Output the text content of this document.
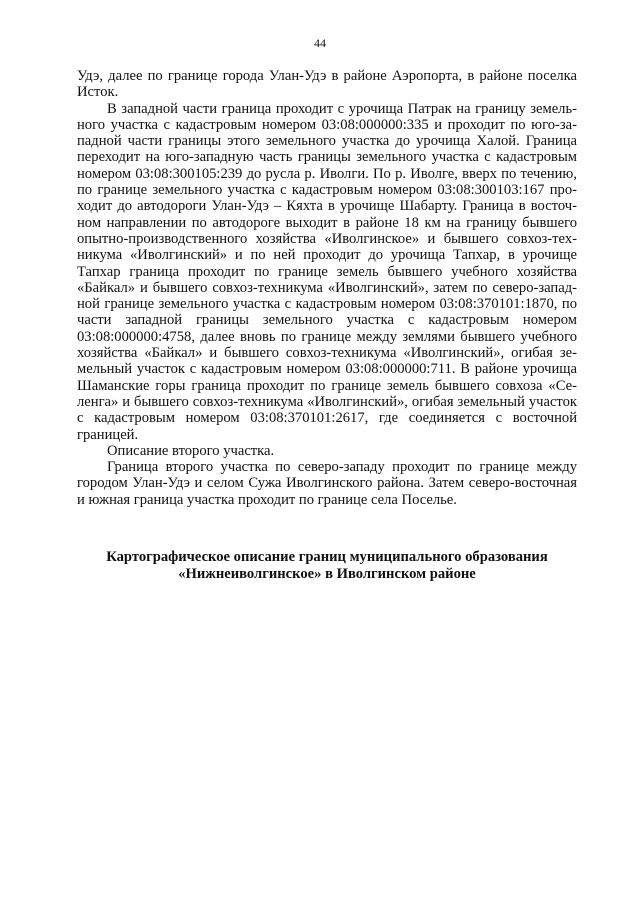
44

Удэ, далее по границе города Улан-Удэ в районе Аэропорта, в районе поселка Исток.

В западной части граница проходит с урочища Патрак на границу земельного участка с кадастровым номером 03:08:000000:335 и проходит по юго-западной части границы этого земельного участка до урочища Халой. Граница переходит на юго-западную часть границы земельного участка с кадастровым номером 03:08:300105:239 до русла р. Иволги. По р. Иволге, вверх по течению, по границе земельного участка с кадастровым номером 03:08:300103:167 проходит до автодороги Улан-Удэ – Кяхта в урочище Шабарту. Граница в восточном направлении по автодороге выходит в районе 18 км на границу бывшего опытно-производственного хозяйства «Иволгинское» и бывшего совхоз-техникума «Иволгинский» и по ней проходит до урочища Тапхар, в урочище Тапхар граница проходит по границе земель бывшего учебного хозяйства «Байкал» и бывшего совхоз-техникума «Иволгинский», затем по северо-западной границе земельного участка с кадастровым номером 03:08:370101:1870, по части западной границы земельного участка с кадастровым номером 03:08:000000:4758, далее вновь по границе между землями бывшего учебного хозяйства «Байкал» и бывшего совхоз-техникума «Иволгинский», огибая земельный участок с кадастровым номером 03:08:000000:711. В районе урочища Шаманские горы граница проходит по границе земель бывшего совхоза «Селенга» и бывшего совхоз-техникума «Иволгинский», огибая земельный участок с кадастровым номером 03:08:370101:2617, где соединяется с восточной границей.

Описание второго участка.

Граница второго участка по северо-западу проходит по границе между городом Улан-Удэ и селом Сужа Иволгинского района. Затем северо-восточная и южная граница участка проходит по границе села Поселье.

Картографическое описание границ муниципального образования
«Нижнеиволгинское» в Иволгинском районе
